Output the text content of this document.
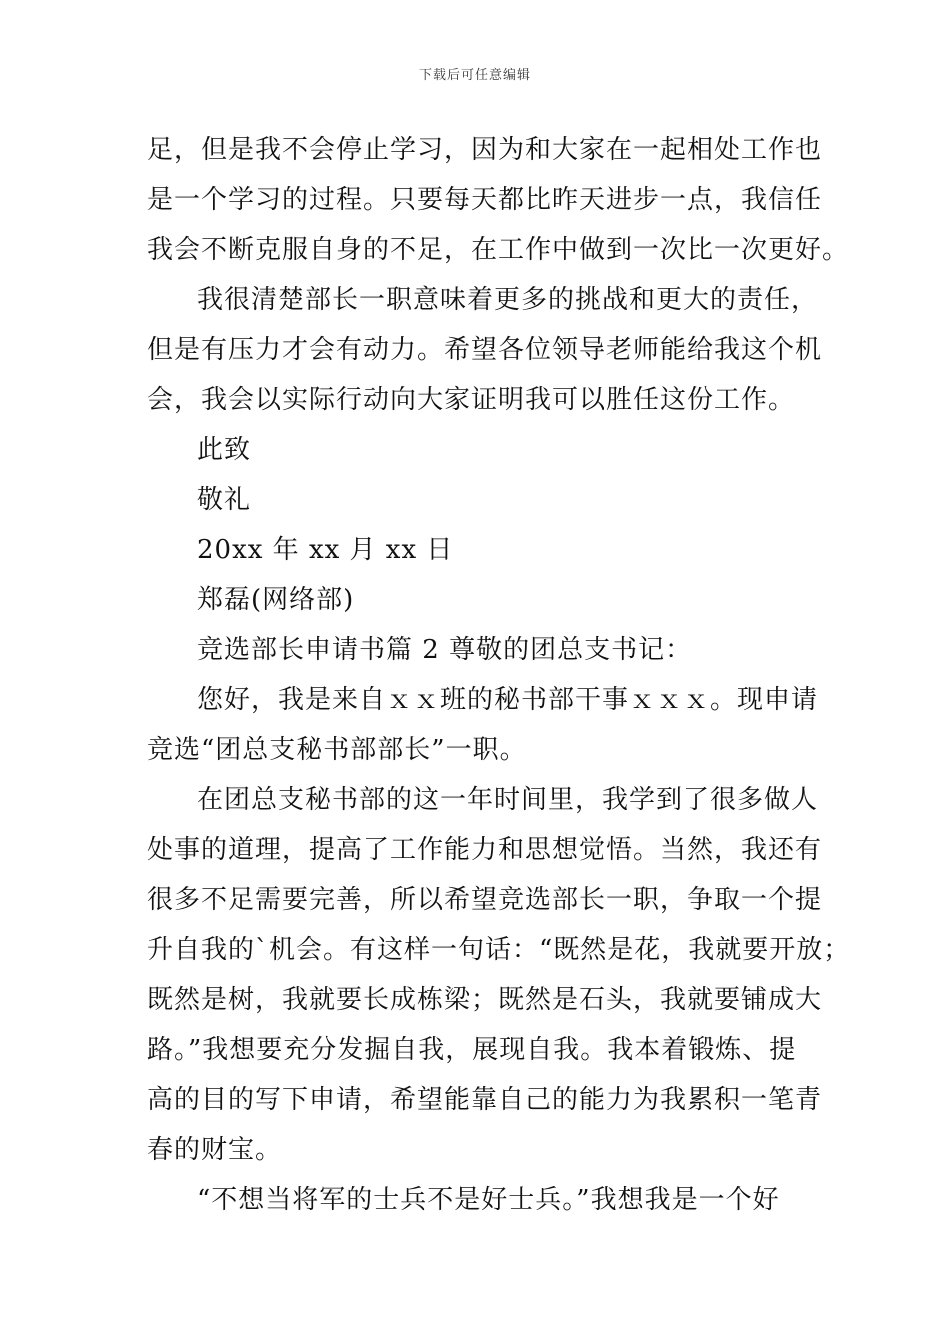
下载后可任意编辑
足，但是我不会停止学习，因为和大家在一起相处工作也
是一个学习的过程。只要每天都比昨天进步一点，我信任
我会不断克服自身的不足，在工作中做到一次比一次更好。
我很清楚部长一职意味着更多的挑战和更大的责任，
但是有压力才会有动力。希望各位领导老师能给我这个机
会，我会以实际行动向大家证明我可以胜任这份工作。
此致
敬礼
20xx 年 xx 月 xx 日
郑磊(网络部)
竞选部长申请书篇 2 尊敬的团总支书记：
您好，我是来自ｘｘ班的秘书部干事ｘｘｘ。现申请
竞选“团总支秘书部部长”一职。
在团总支秘书部的这一年时间里，我学到了很多做人
处事的道理，提高了工作能力和思想觉悟。当然，我还有
很多不足需要完善，所以希望竞选部长一职，争取一个提
升自我的`机会。有这样一句话：“既然是花，我就要开放；
既然是树，我就要长成栋梁；既然是石头，我就要铺成大
路。”我想要充分发掘自我，展现自我。我本着锻炼、提
高的目的写下申请，希望能靠自己的能力为我累积一笔青
春的财宝。
“不想当将军的士兵不是好士兵。”我想我是一个好
